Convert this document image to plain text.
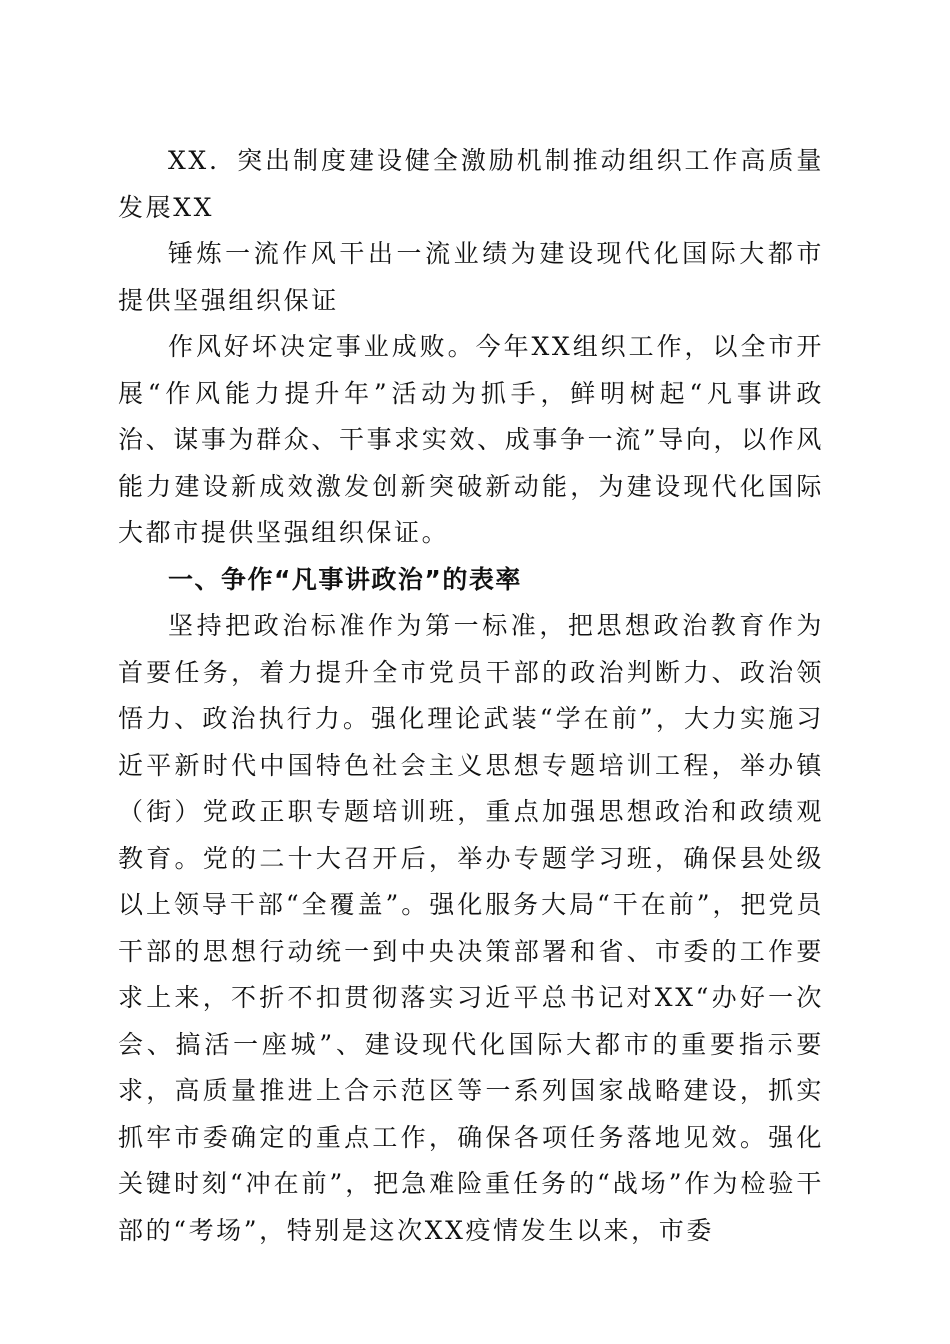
XX．突出制度建设健全激励机制推动组织工作高质量发展XX

锤炼一流作风干出一流业绩为建设现代化国际大都市提供坚强组织保证

作风好坏决定事业成败。今年XX组织工作，以全市开展“作风能力提升年”活动为抓手，鲜明树起“凡事讲政治、谋事为群众、干事求实效、成事争一流”导向，以作风能力建设新成效激发创新突破新动能，为建设现代化国际大都市提供坚强组织保证。

一、争作“凡事讲政治”的表率

坚持把政治标准作为第一标准，把思想政治教育作为首要任务，着力提升全市党员干部的政治判断力、政治领悟力、政治执行力。强化理论武装“学在前”，大力实施习近平新时代中国特色社会主义思想专题培训工程，举办镇（街）党政正职专题培训班，重点加强思想政治和政绩观教育。党的二十大召开后，举办专题学习班，确保县处级以上领导干部“全覆盖”。强化服务大局“干在前”，把党员干部的思想行动统一到中央决策部署和省、市委的工作要求上来，不折不扣贯彻落实习近平总书记对XX“办好一次会、搞活一座城”、建设现代化国际大都市的重要指示要求，高质量推进上合示范区等一系列国家战略建设，抓实抓牢市委确定的重点工作，确保各项任务落地见效。强化关键时刻“冲在前”，把急难险重任务的“战场”作为检验干部的“考场”，特别是这次XX疫情发生以来，市委
